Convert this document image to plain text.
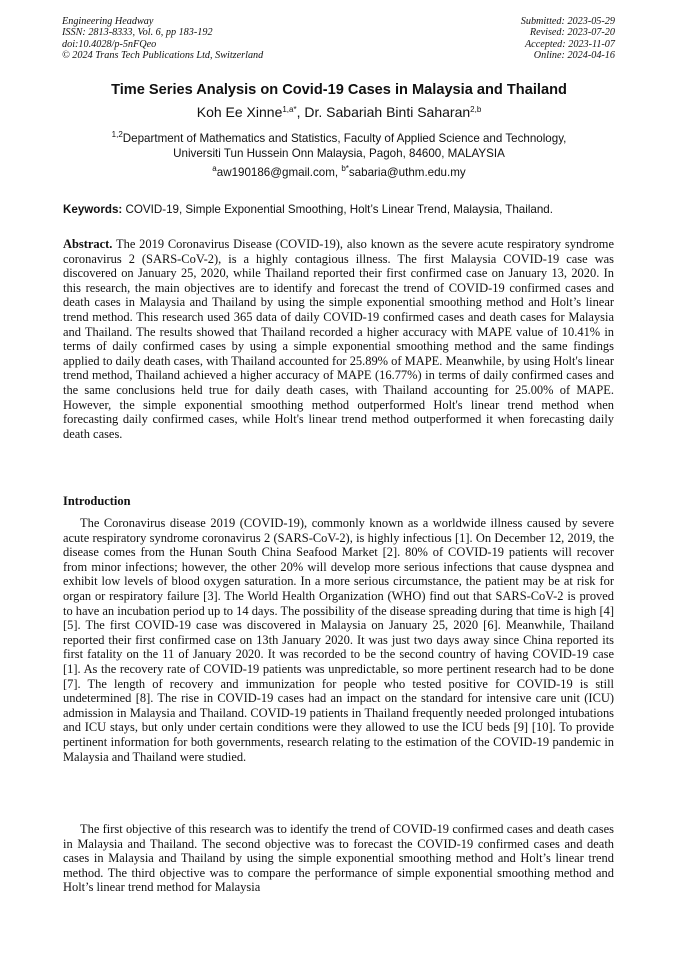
Engineering Headway
ISSN: 2813-8333, Vol. 6, pp 183-192
doi:10.4028/p-5nFQeo
© 2024 Trans Tech Publications Ltd, Switzerland
Submitted: 2023-05-29
Revised: 2023-07-20
Accepted: 2023-11-07
Online: 2024-04-16
Time Series Analysis on Covid-19 Cases in Malaysia and Thailand
Koh Ee Xinne$^{1,a*}$, Dr. Sabariah Binti Saharan$^{2,b}$
$^{1,2}$Department of Mathematics and Statistics, Faculty of Applied Science and Technology,
Universiti Tun Hussein Onn Malaysia, Pagoh, 84600, MALAYSIA
$^a$aw190186@gmail.com, $^{b*}$sabaria@uthm.edu.my
Keywords: COVID-19, Simple Exponential Smoothing, Holt’s Linear Trend, Malaysia, Thailand.
Abstract. The 2019 Coronavirus Disease (COVID-19), also known as the severe acute respiratory syndrome coronavirus 2 (SARS-CoV-2), is a highly contagious illness. The first Malaysia COVID-19 case was discovered on January 25, 2020, while Thailand reported their first confirmed case on January 13, 2020. In this research, the main objectives are to identify and forecast the trend of COVID-19 confirmed cases and death cases in Malaysia and Thailand by using the simple exponential smoothing method and Holt’s linear trend method. This research used 365 data of daily COVID-19 confirmed cases and death cases for Malaysia and Thailand. The results showed that Thailand recorded a higher accuracy with MAPE value of 10.41% in terms of daily confirmed cases by using a simple exponential smoothing method and the same findings applied to daily death cases, with Thailand accounted for 25.89% of MAPE. Meanwhile, by using Holt's linear trend method, Thailand achieved a higher accuracy of MAPE (16.77%) in terms of daily confirmed cases and the same conclusions held true for daily death cases, with Thailand accounting for 25.00% of MAPE. However, the simple exponential smoothing method outperformed Holt's linear trend method when forecasting daily confirmed cases, while Holt's linear trend method outperformed it when forecasting daily death cases.
Introduction
The Coronavirus disease 2019 (COVID-19), commonly known as a worldwide illness caused by severe acute respiratory syndrome coronavirus 2 (SARS-CoV-2), is highly infectious [1]. On December 12, 2019, the disease comes from the Hunan South China Seafood Market [2]. 80% of COVID-19 patients will recover from minor infections; however, the other 20% will develop more serious infections that cause dyspnea and exhibit low levels of blood oxygen saturation. In a more serious circumstance, the patient may be at risk for organ or respiratory failure [3]. The World Health Organization (WHO) find out that SARS-CoV-2 is proved to have an incubation period up to 14 days. The possibility of the disease spreading during that time is high [4] [5]. The first COVID-19 case was discovered in Malaysia on January 25, 2020 [6]. Meanwhile, Thailand reported their first confirmed case on 13th January 2020. It was just two days away since China reported its first fatality on the 11 of January 2020. It was recorded to be the second country of having COVID-19 case [1]. As the recovery rate of COVID-19 patients was unpredictable, so more pertinent research had to be done [7]. The length of recovery and immunization for people who tested positive for COVID-19 is still undetermined [8]. The rise in COVID-19 cases had an impact on the standard for intensive care unit (ICU) admission in Malaysia and Thailand. COVID-19 patients in Thailand frequently needed prolonged intubations and ICU stays, but only under certain conditions were they allowed to use the ICU beds [9] [10]. To provide pertinent information for both governments, research relating to the estimation of the COVID-19 pandemic in Malaysia and Thailand were studied.
The first objective of this research was to identify the trend of COVID-19 confirmed cases and death cases in Malaysia and Thailand. The second objective was to forecast the COVID-19 confirmed cases and death cases in Malaysia and Thailand by using the simple exponential smoothing method and Holt’s linear trend method. The third objective was to compare the performance of simple exponential smoothing method and Holt’s linear trend method for Malaysia
